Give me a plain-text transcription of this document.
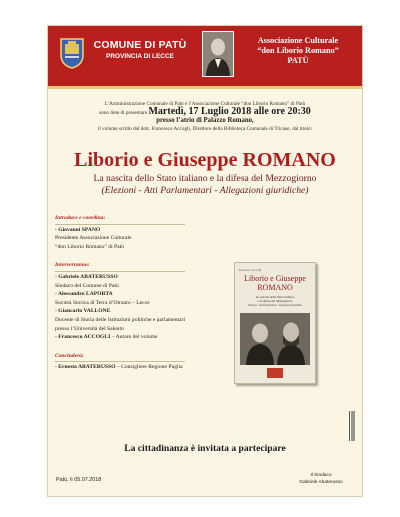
COMUNE DI PATÙ
PROVINCIA DI LECCE
Associazione Culturale
“don Liborio Romano”
PATÙ
L’Amministrazione Comunale di Patù e l’Associazione Culturale “don Liborio Romano” di Patù
sono liete di presentare Martedì, 17 Luglio 2018 alle ore 20:30
presso l’atrio di Palazzo Romano,
il volume scritto dal dott. Francesco Accogli, Direttore della Biblioteca Comunale di Tricase, dal titolo:
Liborio e Giuseppe ROMANO
La nascita dello Stato italiano e la difesa del Mezzogiorno
(Elezioni - Atti Parlamentari - Allegazioni giuridiche)
Introduce e coordina:
- Giovanni SPANO
Presidente Associazione Culturale
“don Liborio Romano” di Patù
Interverranno:
- Gabriele ABATERUSSO
Sindaco del Comune di Patù
- Alessandro LAPORTA
Società Storica di Terra d’Otranto – Lecce
- Giancarlo VALLONE
Docente di Storia delle Istituzioni politiche e parlamentari
presso l’Università del Salento
- Francesco ACCOGLI – Autore del volume
Concluderà:
- Ernesto ABATERUSSO – Consigliere Regione Puglia
Francesco Accogli
Liborio e Giuseppe
ROMANO
La nascita dello Stato italiano
e la difesa del Mezzogiorno
Elezioni - Atti Parlamentari - Allegazioni giuridiche
La cittadinanza è invitata a partecipare
Patù, lì 05.07.2018
Il Sindaco
Gabriele Abaterusso
